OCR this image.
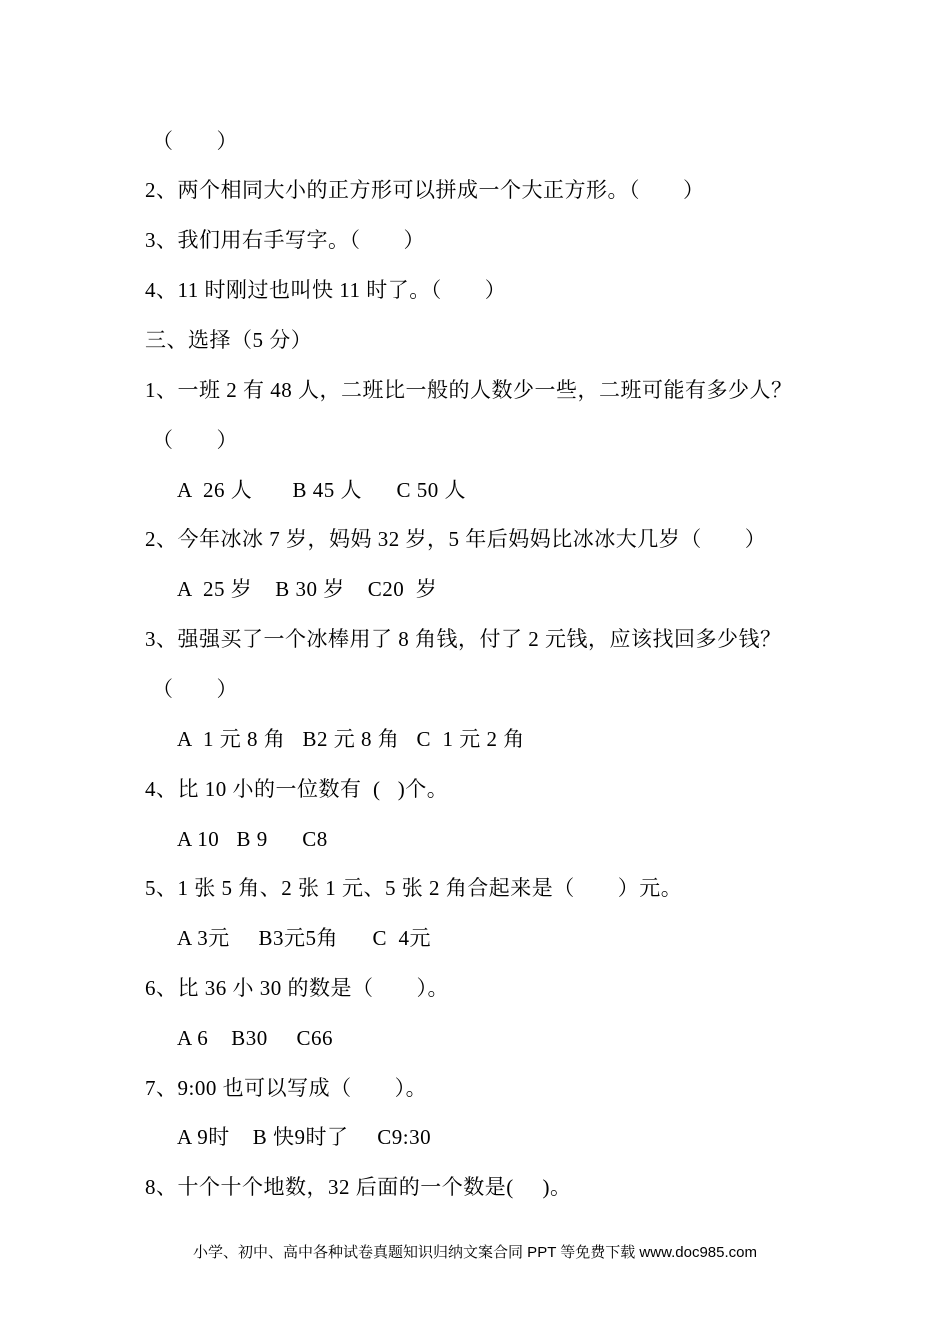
（　　）
2、两个相同大小的正方形可以拼成一个大正方形。（　　）
3、我们用右手写字。（　　）
4、11 时刚过也叫快 11 时了。（　　）
三、选择（5 分）
1、一班 2 有 48 人，二班比一般的人数少一些，二班可能有多少人？
（　　）
A  26 人       B 45 人      C 50 人
2、今年冰冰 7 岁，妈妈 32 岁，5 年后妈妈比冰冰大几岁（　　）
A  25 岁    B 30 岁    C20  岁
3、强强买了一个冰棒用了 8 角钱，付了 2 元钱，应该找回多少钱？
（　　）
A  1 元 8 角   B2 元 8 角   C  1 元 2 角
4、比 10 小的一位数有  (   )个。
A 10   B 9      C8
5、1 张 5 角、2 张 1 元、5 张 2 角合起来是（　　）元。
A 3元     B3元5角      C  4元
6、比 36 小 30 的数是（　　）。
A 6    B30     C66
7、9:00 也可以写成（　　）。
A 9时    B 快9时了     C9:30
8、十个十个地数，32 后面的一个数是(     )。
小学、初中、高中各种试卷真题知识归纳文案合同 PPT 等免费下载 www.doc985.com
